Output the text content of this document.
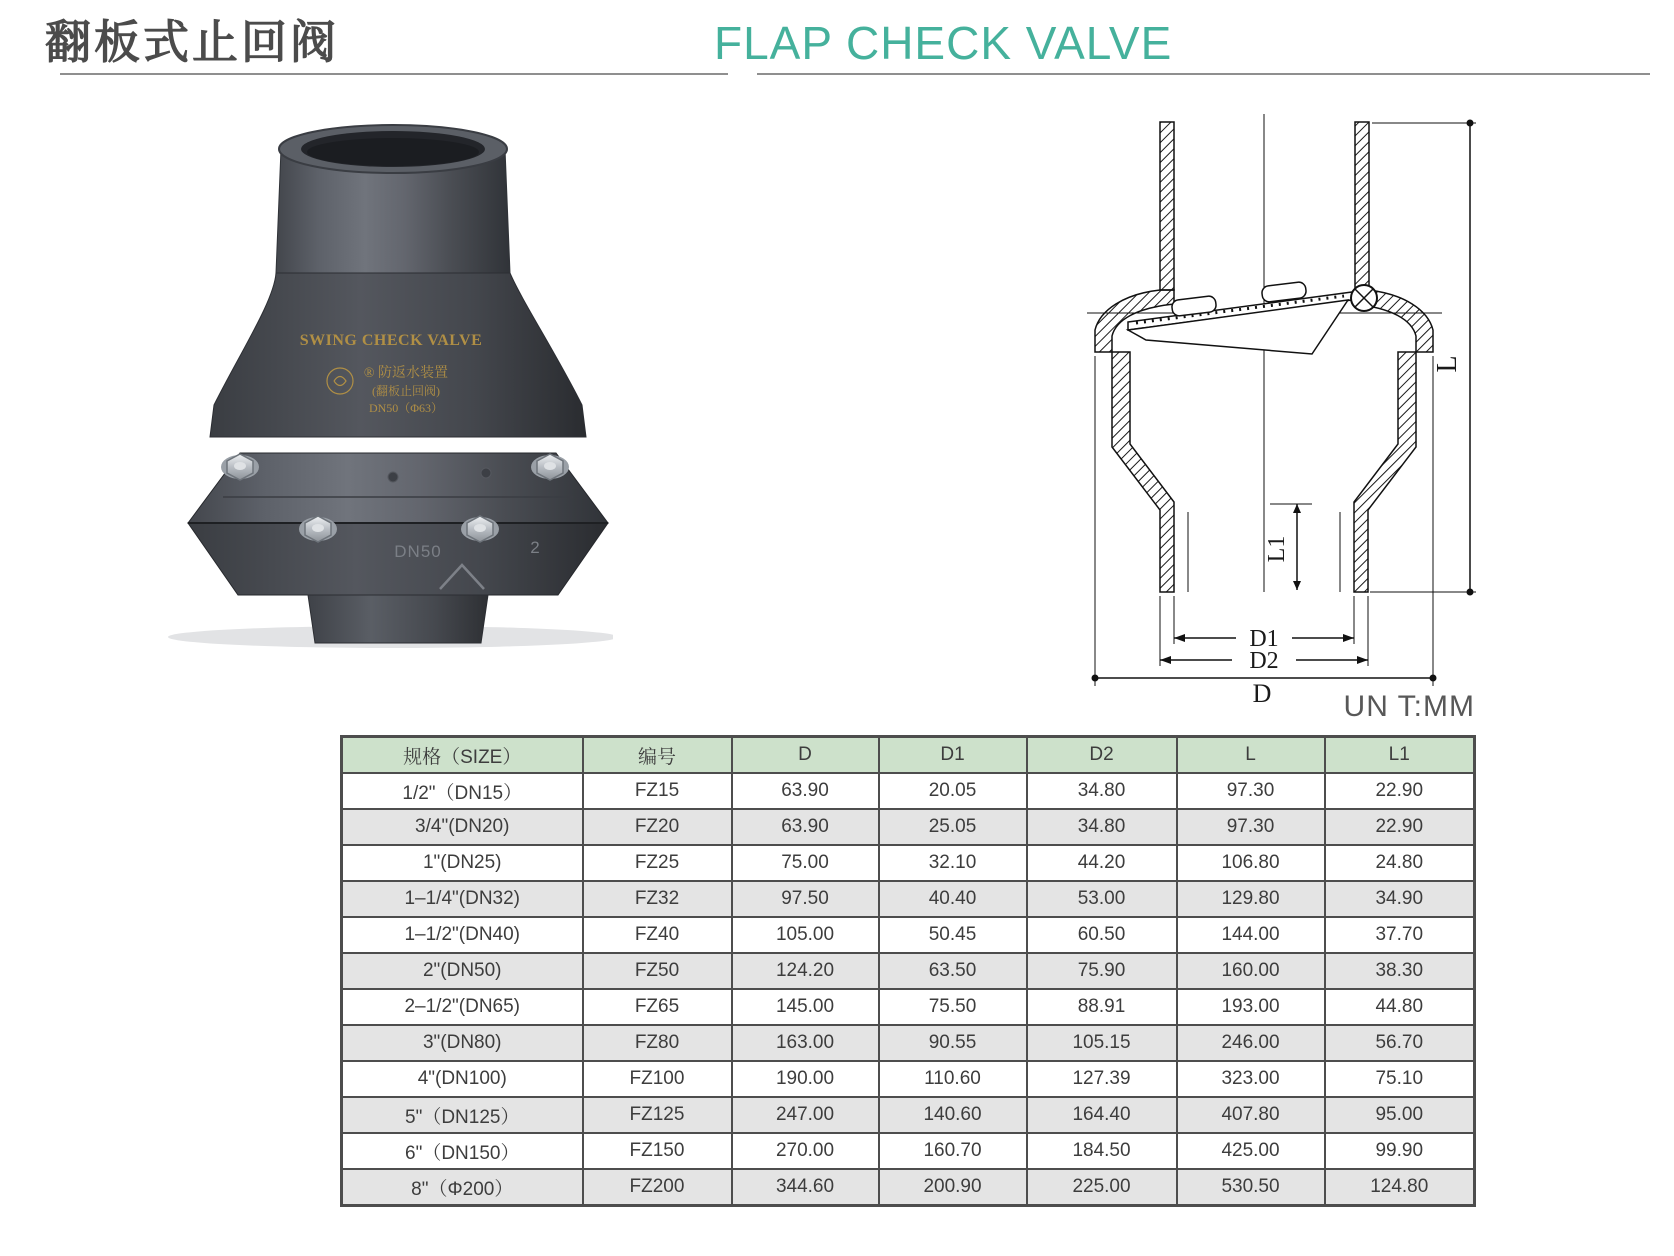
翻板式止回阀	FLAP CHECK VALVE
SWING CHECK VALVE
® 防返水装置
(翻板止回阀)
DN50（Φ63）
DN50	2
L
L1
D1
D2
D	UN T:MM
规格（SIZE）	编号	D	D1	D2	L	L1
1/2"（DN15）	FZ15	63.90	20.05	34.80	97.30	22.90
3/4"(DN20)	FZ20	63.90	25.05	34.80	97.30	22.90
1"(DN25)	FZ25	75.00	32.10	44.20	106.80	24.80
1–1/4"(DN32)	FZ32	97.50	40.40	53.00	129.80	34.90
1–1/2"(DN40)	FZ40	105.00	50.45	60.50	144.00	37.70
2"(DN50)	FZ50	124.20	63.50	75.90	160.00	38.30
2–1/2"(DN65)	FZ65	145.00	75.50	88.91	193.00	44.80
3"(DN80)	FZ80	163.00	90.55	105.15	246.00	56.70
4"(DN100)	FZ100	190.00	110.60	127.39	323.00	75.10
5"（DN125）	FZ125	247.00	140.60	164.40	407.80	95.00
6"（DN150）	FZ150	270.00	160.70	184.50	425.00	99.90
8"（Φ200）	FZ200	344.60	200.90	225.00	530.50	124.80
